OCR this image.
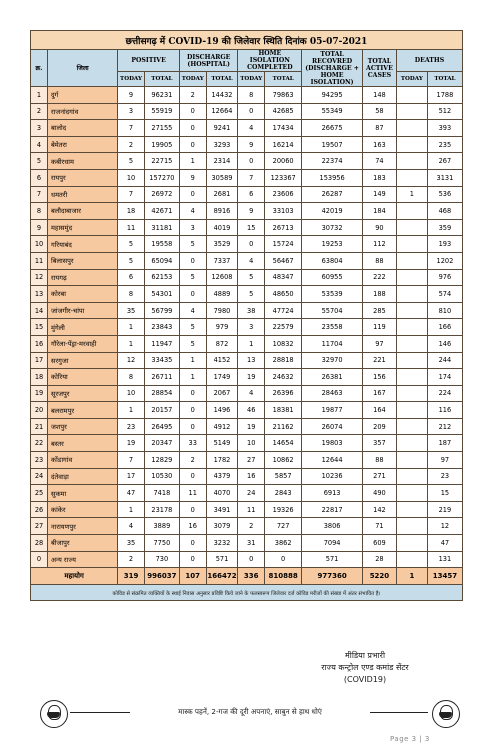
छत्तीसगढ़ में COVID-19 की जिलेवार स्थिति दिनांक 05-07-2021											
क्र.	जिला	POSITIVE		DISCHARGE (HOSPITAL)		HOME ISOLATION COMPLETED		TOTAL RECOVRED (DISCHARGE + HOME ISOLATION)	TOTAL ACTIVE CASES	DEATHS	
		TODAY	TOTAL	TODAY	TOTAL	TODAY	TOTAL			TODAY	TOTAL
1	दुर्ग	9	96231	2	14432	8	79863	94295	148		1788
2	राजनांदगांव	3	55919	0	12664	0	42685	55349	58		512
3	बालोद	7	27155	0	9241	4	17434	26675	87		393
4	बेमेतरा	2	19905	0	3293	9	16214	19507	163		235
5	कबीरधाम	5	22715	1	2314	0	20060	22374	74		267
6	रायपुर	10	157270	9	30589	7	123367	153956	183		3131
7	धमतरी	7	26972	0	2681	6	23606	26287	149	1	536
8	बलौदाबाजार	18	42671	4	8916	9	33103	42019	184		468
9	महासमुंद	11	31181	3	4019	15	26713	30732	90		359
10	गरियाबंद	5	19558	5	3529	0	15724	19253	112		193
11	बिलासपुर	5	65094	0	7337	4	56467	63804	88		1202
12	रायगढ़	6	62153	5	12608	5	48347	60955	222		976
13	कोरबा	8	54301	0	4889	5	48650	53539	188		574
14	जांजगीर-चांपा	35	56799	4	7980	38	47724	55704	285		810
15	मुंगेली	1	23843	5	979	3	22579	23558	119		166
16	गौरेला-पेंड्रा-मरवाही	1	11947	5	872	1	10832	11704	97		146
17	सरगुजा	12	33435	1	4152	13	28818	32970	221		244
18	कोरिया	8	26711	1	1749	19	24632	26381	156		174
19	सूरजपुर	10	28854	0	2067	4	26396	28463	167		224
20	बलरामपुर	1	20157	0	1496	46	18381	19877	164		116
21	जशपुर	23	26495	0	4912	19	21162	26074	209		212
22	बस्तर	19	20347	33	5149	10	14654	19803	357		187
23	कोंडागांव	7	12829	2	1782	27	10862	12644	88		97
24	दंतेवाड़ा	17	10530	0	4379	16	5857	10236	271		23
25	सुकमा	47	7418	11	4070	24	2843	6913	490		15
26	कांकेर	1	23178	0	3491	11	19326	22817	142		219
27	नारायणपुर	4	3889	16	3079	2	727	3806	71		12
28	बीजापुर	35	7750	0	3232	31	3862	7094	609		47
0	अन्य राज्य	2	730	0	571	0	0	571	28		131
महायोग		319	996037	107	166472	336	810888	977360	5220	1	13457
कोविड से संक्रमित व्यक्तियों के स्थाई निवास अनुसार प्रविष्टि किये जाने के फलस्वरूप जिलेवार दर्ज कोविड मरीजों की संख्या में अंतर संभावित है।											
मीडिया प्रभारी
राज्य कन्ट्रोल एण्ड कमांड सेंटर
(COVID19)
मास्क पहनें, 2-गज की दूरी अपनाएं, साबुन से हाथ धोएं
Page 3 | 3
